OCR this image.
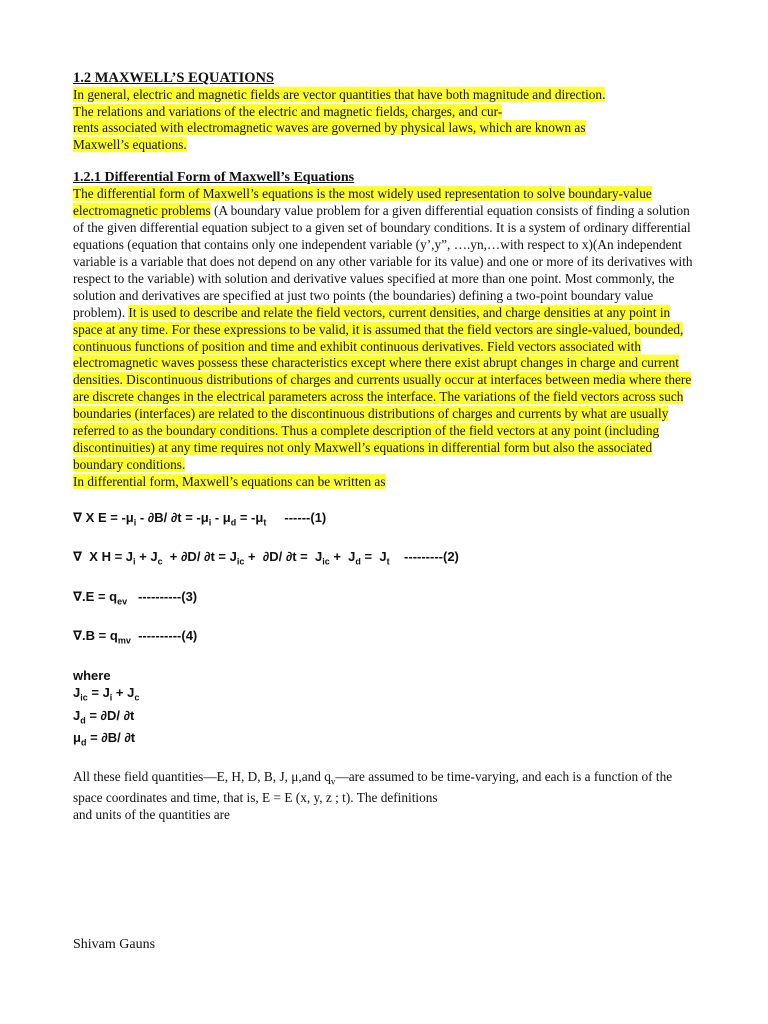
1.2 MAXWELL’S EQUATIONS

In general, electric and magnetic fields are vector quantities that have both magnitude and direction.
The relations and variations of the electric and magnetic fields, charges, and cur-
rents associated with electromagnetic waves are governed by physical laws, which are known as
Maxwell’s equations.

1.2.1 Differential Form of Maxwell’s Equations

The differential form of Maxwell’s equations is the most widely used representation to solve boundary-value electromagnetic problems (A boundary value problem for a given differential equation consists of finding a solution of the given differential equation subject to a given set of boundary conditions. It is a system of ordinary differential equations (equation that contains only one independent variable (y’,y”, ….yn,…with respect to x)(An independent variable is a variable that does not depend on any other variable for its value) and one or more of its derivatives with respect to the variable) with solution and derivative values specified at more than one point. Most commonly, the solution and derivatives are specified at just two points (the boundaries) defining a two-point boundary value problem). It is used to describe and relate the field vectors, current densities, and charge densities at any point in space at any time. For these expressions to be valid, it is assumed that the field vectors are single-valued, bounded, continuous functions of position and time and exhibit continuous derivatives. Field vectors associated with electromagnetic waves possess these characteristics except where there exist abrupt changes in charge and current densities. Discontinuous distributions of charges and currents usually occur at interfaces between media where there are discrete changes in the electrical parameters across the interface. The variations of the field vectors across such boundaries (interfaces) are related to the discontinuous distributions of charges and currents by what are usually referred to as the boundary conditions. Thus a complete description of the field vectors at any point (including discontinuities) at any time requires not only Maxwell’s equations in differential form but also the associated boundary conditions.
In differential form, Maxwell’s equations can be written as

∇ X $E = -\mu_i - \partial B/$ $\partial t = -\mu_i - \mu_d = -\mu_t$     ------(1)

∇  X $H = J_i + J_c + \partial D/$ $\partial t = J_{ic} + \partial D/$ $\partial t = J_{ic} + J_d = J_t$    ---------(2)

$\nabla.E = q_{ev}$   ----------(3)

$\nabla.B = q_{mv}$  ----------(4)

where
$J_{ic} = J_i + J_c$
$J_d = \partial D/$ ∂t
$\mu_d = \partial B/$ ∂t

All these field quantities—E, H, D, B, J, μ,and $q_v—are$ assumed to be time-varying, and each is a function of the space coordinates and time, that is, E = E (x, y, z ; t). The definitions
and units of the quantities are

Shivam Gauns
